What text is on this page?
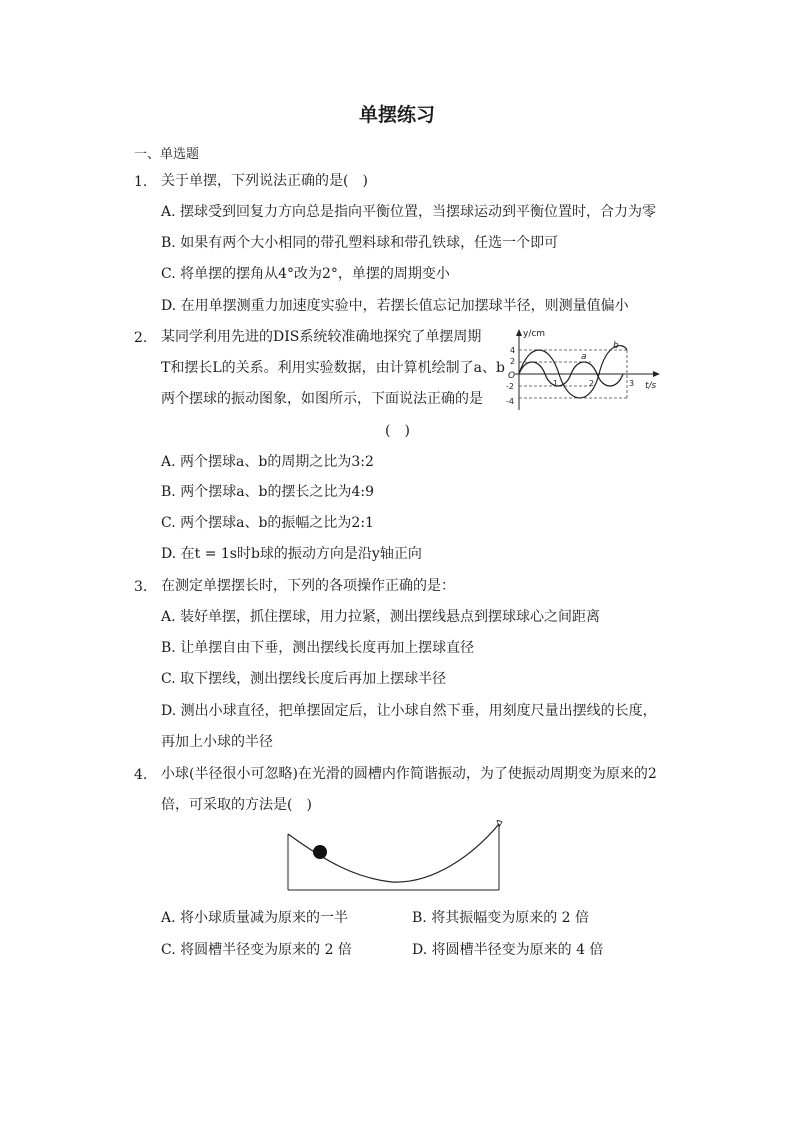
单摆练习
一、单选题
1. 关于单摆，下列说法正确的是(　)
A. 摆球受到回复力方向总是指向平衡位置，当摆球运动到平衡位置时，合力为零
B. 如果有两个大小相同的带孔塑料球和带孔铁球，任选一个即可
C. 将单摆的摆角从4°改为2°，单摆的周期变小
D. 在用单摆测重力加速度实验中，若摆长值忘记加摆球半径，则测量值偏小
2. 某同学利用先进的DIS系统较准确地探究了单摆周期
T和摆长L的关系。利用实验数据，由计算机绘制了a、b
两个摆球的振动图象，如图所示，下面说法正确的是
(　)
y/cm
t/s
O
4
2
-2
-4
a
b
1	2	3
A. 两个摆球a、b的周期之比为3:2
B. 两个摆球a、b的摆长之比为4:9
C. 两个摆球a、b的振幅之比为2:1
D. 在t = 1s时b球的振动方向是沿y轴正向
3. 在测定单摆摆长时，下列的各项操作正确的是：
A. 装好单摆，抓住摆球，用力拉紧，测出摆线悬点到摆球球心之间距离
B. 让单摆自由下垂，测出摆线长度再加上摆球直径
C. 取下摆线，测出摆线长度后再加上摆球半径
D. 测出小球直径，把单摆固定后，让小球自然下垂，用刻度尺量出摆线的长度，
再加上小球的半径
4. 小球(半径很小可忽略)在光滑的圆槽内作简谐振动，为了使振动周期变为原来的2
倍，可采取的方法是(　)
A. 将小球质量减为原来的一半	B. 将其振幅变为原来的 2 倍
C. 将圆槽半径变为原来的 2 倍	D. 将圆槽半径变为原来的 4 倍
